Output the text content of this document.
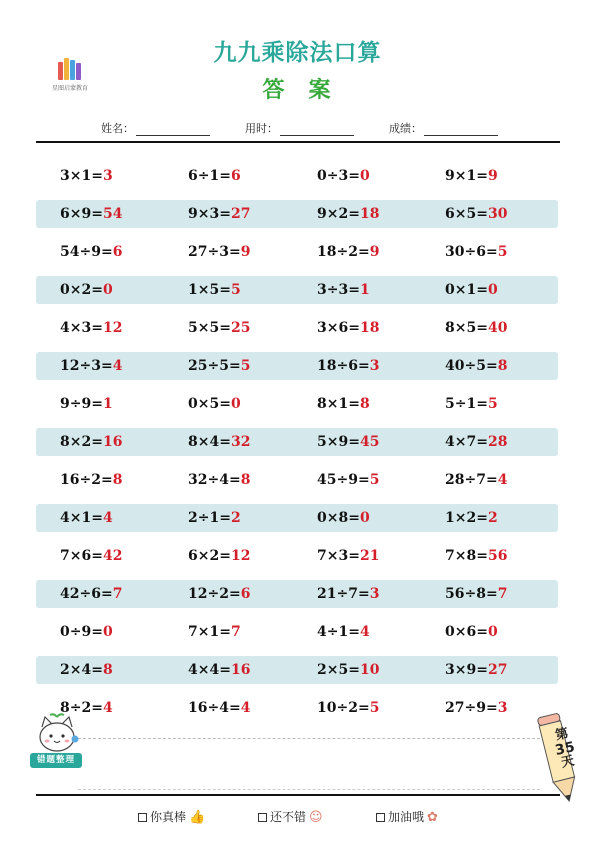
星图启蒙教育
九九乘除法口算
答案
姓名：	用时：	成绩：
3×1=3	6÷1=6	0÷3=0	9×1=9
6×9=54	9×3=27	9×2=18	6×5=30
54÷9=6	27÷3=9	18÷2=9	30÷6=5
0×2=0	1×5=5	3÷3=1	0×1=0
4×3=12	5×5=25	3×6=18	8×5=40
12÷3=4	25÷5=5	18÷6=3	40÷5=8
9÷9=1	0×5=0	8×1=8	5÷1=5
8×2=16	8×4=32	5×9=45	4×7=28
16÷2=8	32÷4=8	45÷9=5	28÷7=4
4×1=4	2÷1=2	0×8=0	1×2=2
7×6=42	6×2=12	7×3=21	7×8=56
42÷6=7	12÷2=6	21÷7=3	56÷8=7
0÷9=0	7×1=7	4÷1=4	0×6=0
2×4=8	4×4=16	2×5=10	3×9=27
8÷2=4	16÷4=4	10÷2=5	27÷9=3
错题整理
第
35
天
你真棒 👍	还不错 ☺	加油哦 ✿
